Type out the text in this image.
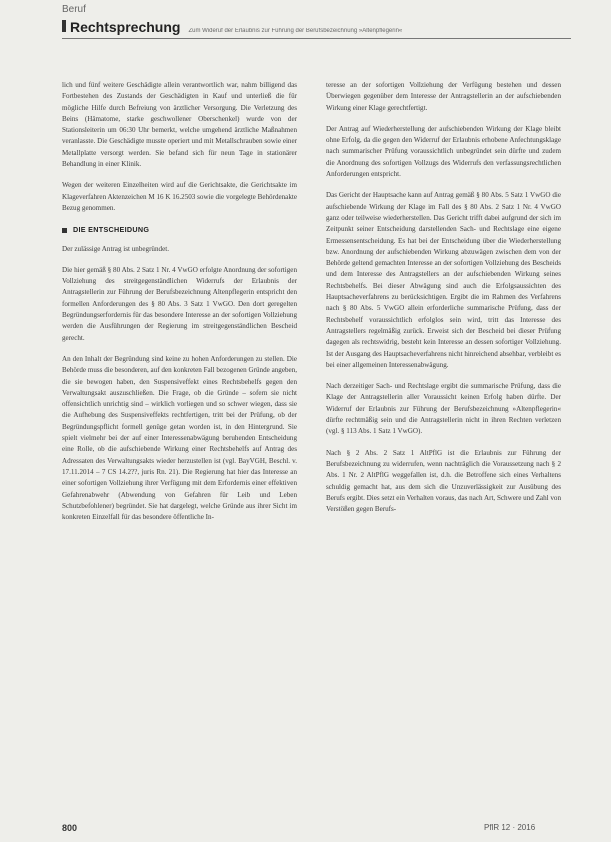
Beruf
Rechtsprechung Zum Wideruf der Erlaubnis zur Führung der Berufsbezeichnung »Altenpflegerin«

lich und fünf weitere Geschädigte allein verantwortlich war, nahm billigend das Fortbestehen des Zustands der Geschädigten in Kauf und unterließ die für mögliche Hilfe durch Befreiung von ärztlicher Versorgung. Die Verletzung des Beins (Hämatome, starke geschwollener Oberschenkel) wurde von der Stationsleiterin um 06:30 Uhr bemerkt, welche umgehend ärztliche Maßnahmen veranlasste. Die Geschädigte musste operiert und mit Metallschrauben sowie einer Metallplatte versorgt werden. Sie befand sich für neun Tage in stationärer Behandlung in einer Klinik.

Wegen der weiteren Einzelheiten wird auf die Gerichtsakte, die Gerichtsakte im Klageverfahren Aktenzeichen M 16 K 16.2503 sowie die vorgelegte Behördenakte Bezug genommen.

DIE ENTSCHEIDUNG

Der zulässige Antrag ist unbegründet.

Die hier gemäß § 80 Abs. 2 Satz 1 Nr. 4 VwGO erfolgte Anordnung der sofortigen Vollziehung des streitgegenständlichen Widerrufs der Erlaubnis der Antragstellerin zur Führung der Berufsbezeichnung Altenpflegerin entspricht den formellen Anforderungen des § 80 Abs. 3 Satz 1 VwGO. Den dort geregelten Begründungserfordernis für das besondere Interesse an der sofortigen Vollziehung werden die Ausführungen der Regierung im streitgegenständlichen Bescheid gerecht.

An den Inhalt der Begründung sind keine zu hohen Anforderungen zu stellen. Die Behörde muss die besonderen, auf den konkreten Fall bezogenen Gründe angeben, die sie bewogen haben, den Suspensiveffekt eines Rechtsbehelfs gegen den Verwaltungsakt auszuschließen. Die Frage, ob die Gründe – sofern sie nicht offensichtlich unrichtig sind – wirklich vorliegen und so schwer wiegen, dass sie die Aufhebung des Suspensiveffekts rechtfertigen, tritt bei der Prüfung, ob der Begründungspflicht formell genüge getan worden ist, in den Hintergrund. Sie spielt vielmehr bei der auf einer Interessenabwägung beruhenden Entscheidung eine Rolle, ob die aufschiebende Wirkung einer Rechtsbehelfs auf Antrag des Adressaten des Verwaltungsakts wieder herzustellen ist (vgl. BayVGH, Beschl. v. 17.11.2014 – 7 CS 14.2??, juris Rn. 21). Die Regierung hat hier das Interesse an einer sofortigen Vollziehung ihrer Verfügung mit dem Erfordernis einer effektiven Gefahrenabwehr (Abwendung von Gefahren für Leib und Leben Schutzbefohlener) begründet. Sie hat dargelegt, welche Gründe aus ihrer Sicht im konkreten Einzelfall für das besondere öffentliche In-

teresse an der sofortigen Vollziehung der Verfügung bestehen und dessen Überwiegen gegenüber dem Interesse der Antragstellerin an der aufschiebenden Wirkung einer Klage gerechtfertigt.

Der Antrag auf Wiederherstellung der aufschiebenden Wirkung der Klage bleibt ohne Erfolg, da die gegen den Widerruf der Erlaubnis erhobene Anfechtungsklage nach summarischer Prüfung voraussichtlich unbegründet sein dürfte und zudem die Anordnung des sofortigen Vollzugs des Widerrufs den verfassungsrechtlichen Anforderungen entspricht.

Das Gericht der Hauptsache kann auf Antrag gemäß § 80 Abs. 5 Satz 1 VwGO die aufschiebende Wirkung der Klage im Fall des § 80 Abs. 2 Satz 1 Nr. 4 VwGO ganz oder teilweise wiederherstellen. Das Gericht trifft dabei aufgrund der sich im Zeitpunkt seiner Entscheidung darstellenden Sach- und Rechtslage eine eigene Ermessensentscheidung. Es hat bei der Entscheidung über die Wiederherstellung bzw. Anordnung der aufschiebenden Wirkung abzuwägen zwischen dem von der Behörde geltend gemachten Interesse an der sofortigen Vollziehung des Bescheids und dem Interesse des Antragstellers an der aufschiebenden Wirkung seines Rechtsbehelfs. Bei dieser Abwägung sind auch die Erfolgsaussichten des Hauptsacheverfahrens zu berücksichtigen. Ergibt die im Rahmen des Verfahrens nach § 80 Abs. 5 VwGO allein erforderliche summarische Prüfung, dass der Rechtsbehelf voraussichtlich erfolglos sein wird, tritt das Interesse des Antragstellers regelmäßig zurück. Erweist sich der Bescheid bei dieser Prüfung dagegen als rechtswidrig, besteht kein Interesse an dessen sofortiger Vollziehung. Ist der Ausgang des Hauptsacheverfahrens nicht hinreichend absehbar, verbleibt es bei einer allgemeinen Interessenabwägung.

Nach derzeitiger Sach- und Rechtslage ergibt die summarische Prüfung, dass die Klage der Antragstellerin aller Voraussicht keinen Erfolg haben dürfte. Der Widerruf der Erlaubnis zur Führung der Berufsbezeichnung »Altenpflegerin« dürfte rechtmäßig sein und die Antragstellerin nicht in ihren Rechten verletzen (vgl. § 113 Abs. 1 Satz 1 VwGO).

Nach § 2 Abs. 2 Satz 1 AltPflG ist die Erlaubnis zur Führung der Berufsbezeichnung zu widerrufen, wenn nachträglich die Voraussetzung nach § 2 Abs. 1 Nr. 2 AltPflG weggefallen ist, d.h. die Betroffene sich eines Verhaltens schuldig gemacht hat, aus dem sich die Unzuverlässigkeit zur Ausübung des Berufs ergibt. Dies setzt ein Verhalten voraus, das nach Art, Schwere und Zahl von Verstößen gegen Berufs-

800	PflR 12 · 2016
